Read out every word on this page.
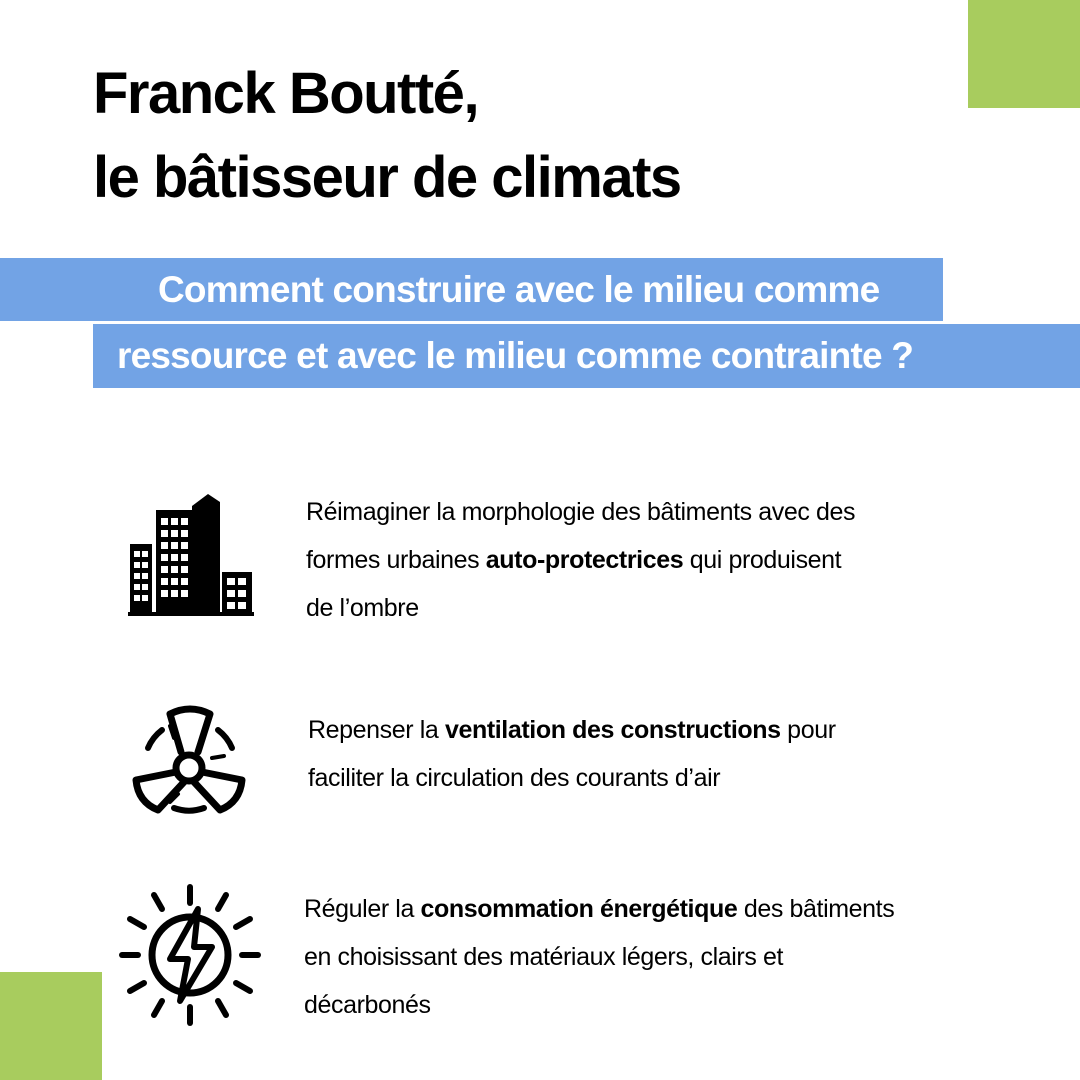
Franck Boutté,
le bâtisseur de climats
Comment construire avec le milieu comme
ressource et avec le milieu comme contrainte ?
Réimaginer la morphologie des bâtiments avec des
formes urbaines auto-protectrices qui produisent
de l’ombre
Repenser la ventilation des constructions pour
faciliter la circulation des courants d’air
Réguler la consommation énergétique des bâtiments
en choisissant des matériaux légers, clairs et
décarbonés
